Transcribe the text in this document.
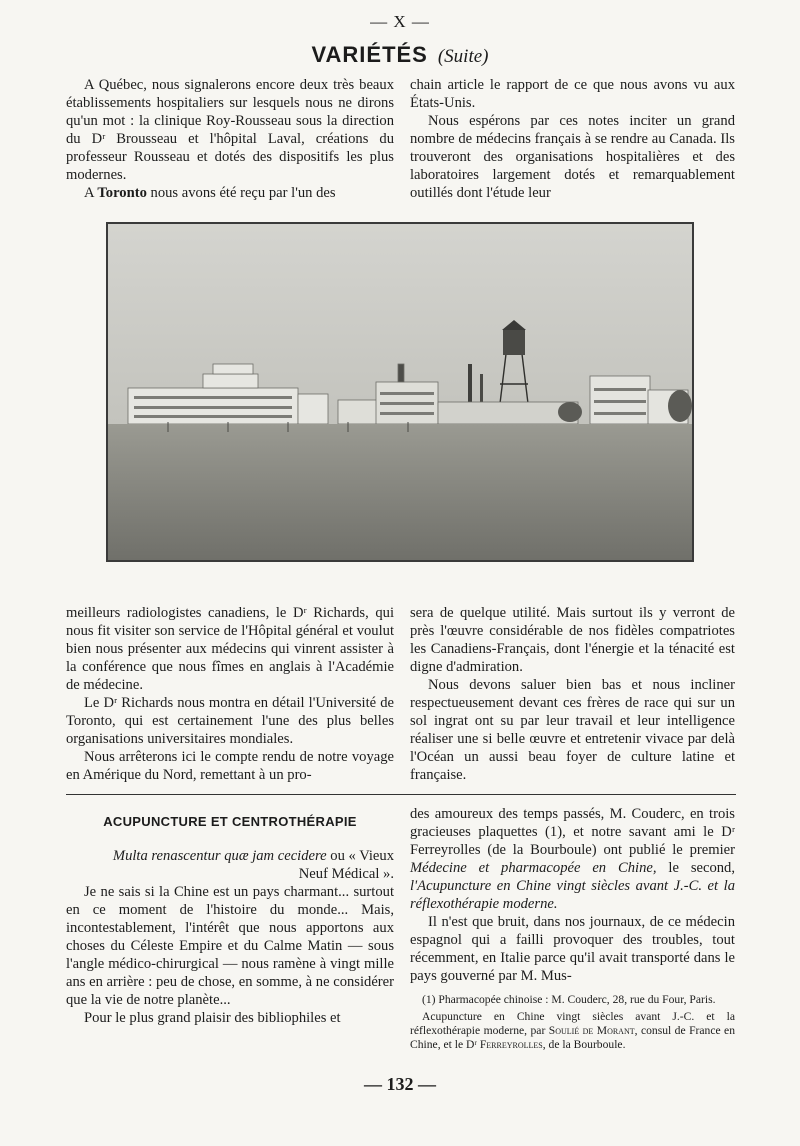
— X —
VARIÉTÉS (Suite)

A Québec, nous signalerons encore deux très beaux établissements hospitaliers sur lesquels nous ne dirons qu'un mot : la clinique Roy-Rousseau sous la direction du Dʳ Brousseau et l'hôpital Laval, créations du professeur Rousseau et dotés des dispositifs les plus modernes.

A Toronto nous avons été reçu par l'un des

chain article le rapport de ce que nous avons vu aux États-Unis.

Nous espérons par ces notes inciter un grand nombre de médecins français à se rendre au Canada. Ils trouveront des organisations hospitalières et des laboratoires largement dotés et remarquablement outillés dont l'étude leur

meilleurs radiologistes canadiens, le Dʳ Richards, qui nous fit visiter son service de l'Hôpital général et voulut bien nous présenter aux médecins qui vinrent assister à la conférence que nous fîmes en anglais à l'Académie de médecine.

Le Dʳ Richards nous montra en détail l'Université de Toronto, qui est certainement l'une des plus belles organisations universitaires mondiales.

Nous arrêterons ici le compte rendu de notre voyage en Amérique du Nord, remettant à un pro-

sera de quelque utilité. Mais surtout ils y verront de près l'œuvre considérable de nos fidèles compatriotes les Canadiens-Français, dont l'énergie et la ténacité est digne d'admiration.

Nous devons saluer bien bas et nous incliner respectueusement devant ces frères de race qui sur un sol ingrat ont su par leur travail et leur intelligence réaliser une si belle œuvre et entretenir vivace par delà l'Océan un aussi beau foyer de culture latine et française.

ACUPUNCTURE ET CENTROTHÉRAPIE

Multa renascentur quæ jam cecidere ou « Vieux Neuf Médical ».

Je ne sais si la Chine est un pays charmant... surtout en ce moment de l'histoire du monde... Mais, incontestablement, l'intérêt que nous apportons aux choses du Céleste Empire et du Calme Matin — sous l'angle médico-chirurgical — nous ramène à vingt mille ans en arrière : peu de chose, en somme, à ne considérer que la vie de notre planète...

Pour le plus grand plaisir des bibliophiles et

des amoureux des temps passés, M. Couderc, en trois gracieuses plaquettes (1), et notre savant ami le Dʳ Ferreyrolles (de la Bourboule) ont publié le premier Médecine et pharmacopée en Chine, le second, l'Acupuncture en Chine vingt siècles avant J.-C. et la réflexothérapie moderne.

Il n'est que bruit, dans nos journaux, de ce médecin espagnol qui a failli provoquer des troubles, tout récemment, en Italie parce qu'il avait transporté dans le pays gouverné par M. Mus-

(1) Pharmacopée chinoise : M. Couderc, 28, rue du Four, Paris.

Acupuncture en Chine vingt siècles avant J.-C. et la réflexothérapie moderne, par Soulié de Morant, consul de France en Chine, et le Dʳ Ferreyrolles, de la Bourboule.

— 132 —
